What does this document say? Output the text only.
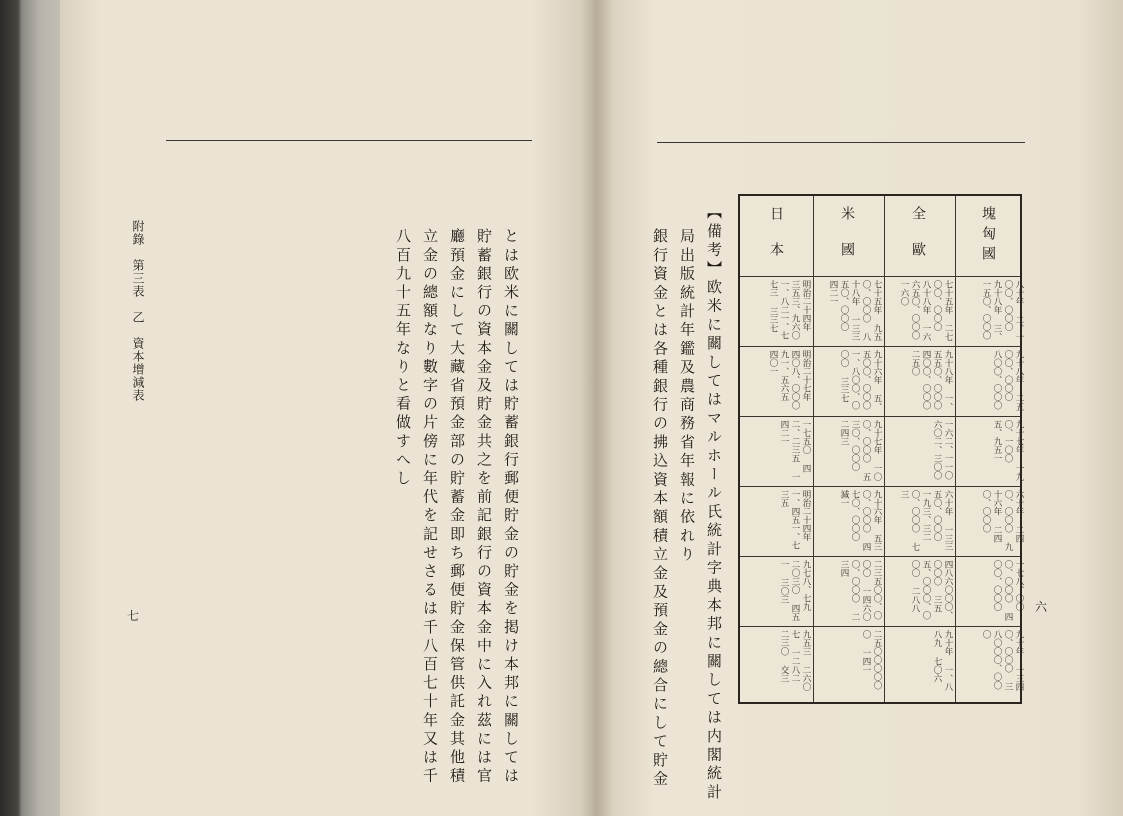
附錄　第三表　乙　資本增減表
七	とは欧米に關しては貯蓄銀行郵便貯金の貯金を掲け本邦に關しては
貯蓄銀行の資本金及貯金共之を前記銀行の資本金中に入れ茲には官
廳預金にして大藏省預金部の貯蓄金即ち郵便貯金保管供託金其他積
立金の總額なり數字の片傍に年代を記せさるは千八百七十年又は千
八百九十五年なりと看做すへし
六
【備考】欧米に關してはマルホール氏統計字典本邦に關しては内閣統計
局出版統計年鑑及農商務省年報に依れり
銀行資金とは各種銀行の拂込資本額積立金及預金の總合にして貯金	塊匈國
全歐
米國
日本
八十年 二、一〇〇、〇〇〇 九十八年 三、一五〇、〇〇〇
七十五年 二七〇〇、〇〇〇 八十八年 一六六五〇、〇〇〇 一六〇
七十五年 九五〇、〇〇〇 八十八年 一三三五〇、〇〇〇 四二一
明治二十四年 三五三、九六〇 一、八二一、七七三 三三七
九十八年 二五〇〇、〇〇〇 八〇〇、〇〇〇
九十八年 一、五五〇、〇〇〇 四〇〇、〇〇〇 二五〇
九十六年 五、五〇〇、〇〇〇 一、八〇〇、〇〇〇 三三七
明治二十七年 四〇八、〇〇〇 九一、五六五 四〇一
九十七年 一九〇、一〇〇 五、九五一
一六二、一一〇 六〇二、三〇〇
九十七年 一〇〇、〇〇〇 五三〇、〇〇〇 二四三
一七五〇 四二、二三五 一四二一
六十年 二四〇、〇〇〇 九十六年 二四〇、〇〇〇
六十年 一三三五〇、〇〇〇 一九三、三二〇、〇〇〇 七三
九十六年 五三〇、〇〇〇 四七〇、〇〇〇 減一
明治二十四年 一、四五一、七三五
一七八、〇〇〇、〇〇〇 四〇〇、〇〇〇
四八六〇〇〇、〇〇〇 三五五、〇〇〇、〇〇〇 二八八
二三五〇〇、〇〇〇 一四六〇〇、〇〇〇 二三四
九七八、七九 二〇三〇 四五一 三〇三
九十年 一三四〇、〇〇〇 三八〇〇〇、〇〇〇
九十年 一、八八九 七〇六
二五〇〇〇〇〇〇 一四一
九五三 二六〇七 一二八二 二三〇 交三
